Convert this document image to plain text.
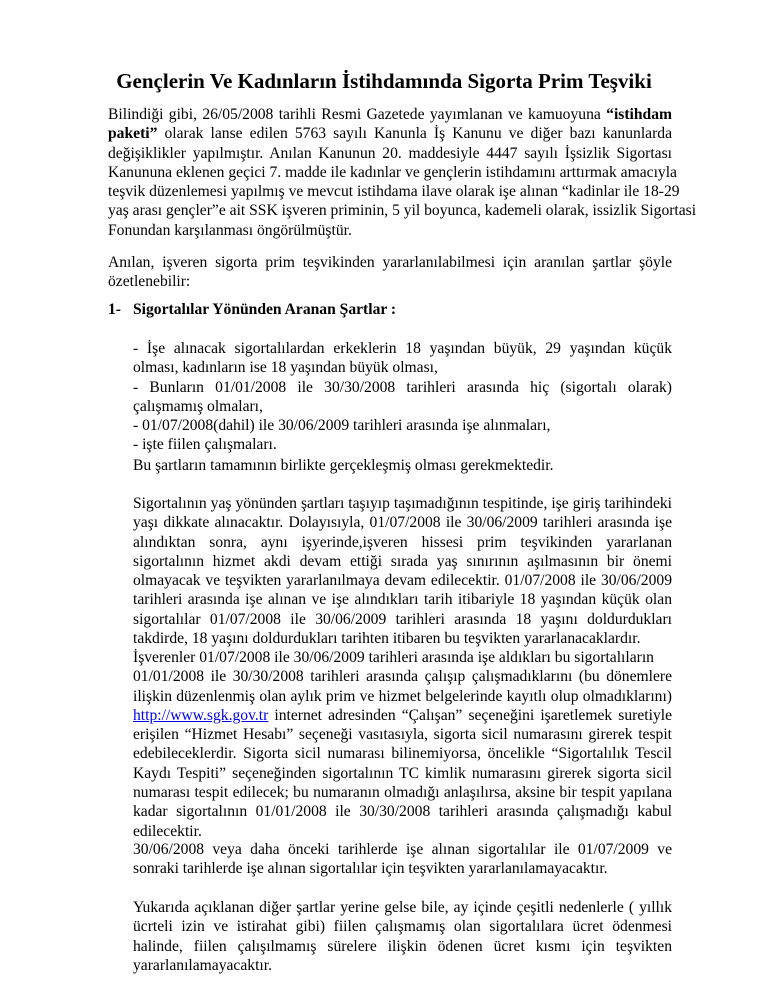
Gençlerin Ve Kadınların İstihdamında Sigorta Prim Teşviki
Bilindiği gibi, 26/05/2008 tarihli Resmi Gazetede yayımlanan ve kamuoyuna “istihdam
paketi” olarak lanse edilen 5763 sayılı Kanunla İş Kanunu ve diğer bazı kanunlarda
değişiklikler yapılmıştır. Anılan Kanunun 20. maddesiyle 4447 sayılı İşsizlik Sigortası
Kanununa eklenen geçici 7. madde ile kadınlar ve gençlerin istihdamını arttırmak amacıyla
teşvik düzenlemesi yapılmış ve mevcut istihdama ilave olarak işe alınan “kadinlar ile 18-29
yaş arası gençler”e ait SSK işveren priminin, 5 yil boyunca, kademeli olarak, issizlik Sigortasi
Fonundan karşılanması öngörülmüştür.
Anılan, işveren sigorta prim teşvikinden yararlanılabilmesi için aranılan şartlar şöyle
özetlenebilir:
1- Sigortalılar Yönünden Aranan Şartlar :
- İşe alınacak sigortalılardan erkeklerin 18 yaşından büyük, 29 yaşından küçük
olması, kadınların ise 18 yaşından büyük olması,
- Bunların 01/01/2008 ile 30/30/2008 tarihleri arasında hiç (sigortalı olarak)
çalışmamış olmaları,
- 01/07/2008(dahil) ile 30/06/2009 tarihleri arasında işe alınmaları,
- işte fiilen çalışmaları.
Bu şartların tamamının birlikte gerçekleşmiş olması gerekmektedir.
Sigortalının yaş yönünden şartları taşıyıp taşımadığının tespitinde, işe giriş tarihindeki
yaşı dikkate alınacaktır. Dolayısıyla, 01/07/2008 ile 30/06/2009 tarihleri arasında işe
alındıktan sonra, aynı işyerinde,işveren hissesi prim teşvikinden yararlanan
sigortalının hizmet akdi devam ettiği sırada yaş sınırının aşılmasının bir önemi
olmayacak ve teşvikten yararlanılmaya devam edilecektir. 01/07/2008 ile 30/06/2009
tarihleri arasında işe alınan ve işe alındıkları tarih itibariyle 18 yaşından küçük olan
sigortalılar 01/07/2008 ile 30/06/2009 tarihleri arasında 18 yaşını doldurdukları
takdirde, 18 yaşını doldurdukları tarihten itibaren bu teşvikten yararlanacaklardır.
İşverenler 01/07/2008 ile 30/06/2009 tarihleri arasında işe aldıkları bu sigortalıların
01/01/2008 ile 30/30/2008 tarihleri arasında çalışıp çalışmadıklarını (bu dönemlere
ilişkin düzenlenmiş olan aylık prim ve hizmet belgelerinde kayıtlı olup olmadıklarını)
http://www.sgk.gov.tr internet adresinden “Çalışan” seçeneğini işaretlemek suretiyle
erişilen “Hizmet Hesabı” seçeneği vasıtasıyla, sigorta sicil numarasını girerek tespit
edebileceklerdir. Sigorta sicil numarası bilinemiyorsa, öncelikle “Sigortalılık Tescil
Kaydı Tespiti” seçeneğinden sigortalının TC kimlik numarasını girerek sigorta sicil
numarası tespit edilecek; bu numaranın olmadığı anlaşılırsa, aksine bir tespit yapılana
kadar sigortalının 01/01/2008 ile 30/30/2008 tarihleri arasında çalışmadığı kabul
edilecektir.
30/06/2008 veya daha önceki tarihlerde işe alınan sigortalılar ile 01/07/2009 ve
sonraki tarihlerde işe alınan sigortalılar için teşvikten yararlanılamayacaktır.
Yukarıda açıklanan diğer şartlar yerine gelse bile, ay içinde çeşitli nedenlerle ( yıllık
ücrteli izin ve istirahat gibi) fiilen çalışmamış olan sigortalılara ücret ödenmesi
halinde, fiilen çalışılmamış sürelere ilişkin ödenen ücret kısmı için teşvikten
yararlanılamayacaktır.
